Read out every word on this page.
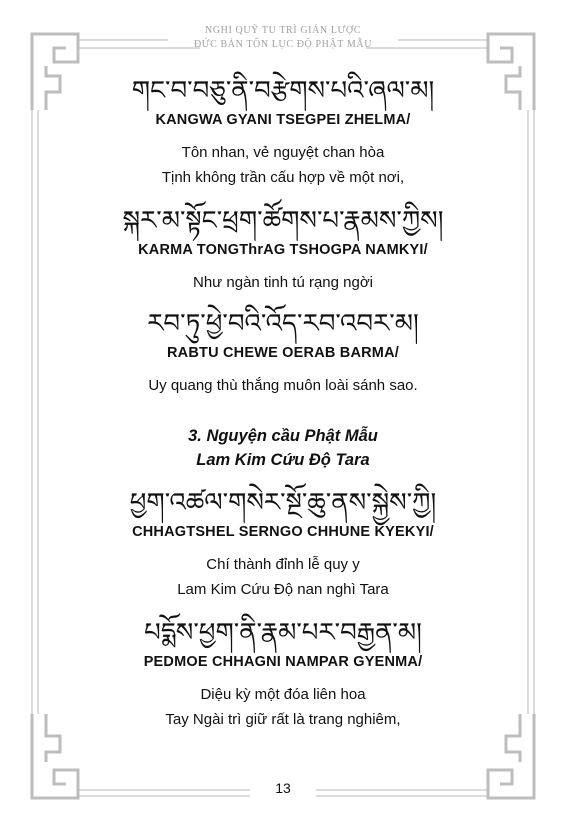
NGHI QUỸ TU TRÌ GIẢN LƯỢC
ĐỨC BẢN TÔN LỤC ĐỘ PHẬT MẪU

གང་བ་བཅུ་ནི་བརྩེགས་པའི་ཞལ་མ།

KANGWA GYANI TSEGPEI ZHELMA/

Tôn nhan, vẻ nguyệt chan hòa

Tịnh không trần cấu hợp về một nơi,

སྐར་མ་སྟོང་ཕྲག་ཚོགས་པ་རྣམས་ཀྱིས།

KARMA TONGThrAG TSHOGPA NAMKYI/

Như ngàn tinh tú rạng ngời

རབ་ཏུ་ཕྱེ་བའི་འོད་རབ་འབར་མ།

RABTU CHEWE OERAB BARMA/

Uy quang thù thắng muôn loài sánh sao.

3. Nguyện cầu Phật Mẫu

Lam Kim Cứu Độ Tara

ཕྱག་འཚལ་གསེར་སྔོ་ཆུ་ནས་སྐྱེས་ཀྱི།

CHHAGTSHEL SERNGO CHHUNE KYEKYI/

Chí thành đỉnh lễ quy y

Lam Kim Cứu Độ nan nghì Tara

པདྨོས་ཕྱག་ནི་རྣམ་པར་བརྒྱན་མ།

PEDMOE CHHAGNI NAMPAR GYENMA/

Diệu kỳ một đóa liên hoa

Tay Ngài trì giữ rất là trang nghiêm,

13
